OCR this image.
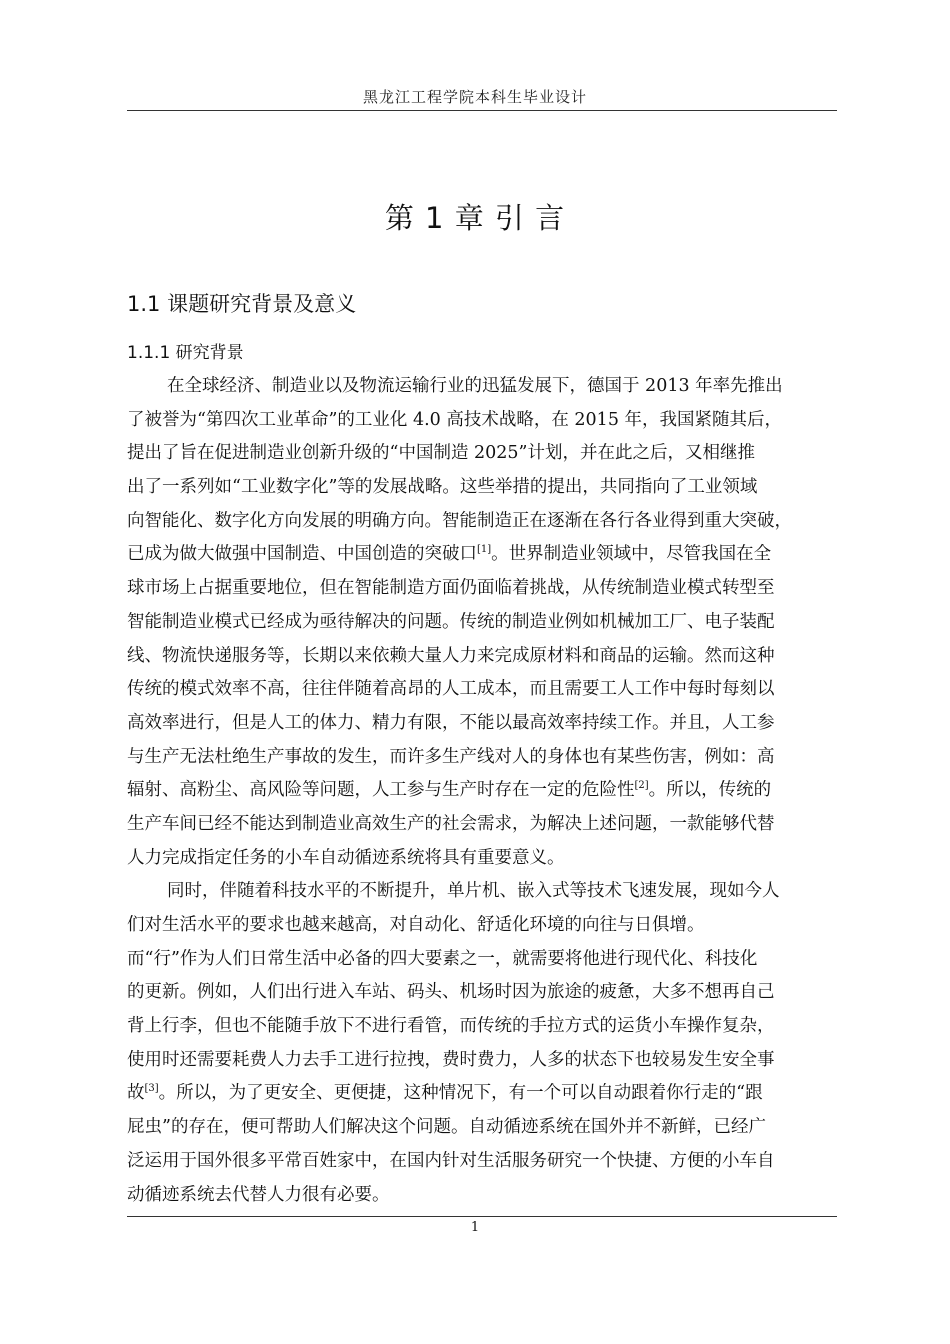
黑龙江工程学院本科生毕业设计
第 1 章 引 言
1.1 课题研究背景及意义
1.1.1 研究背景
在全球经济、制造业以及物流运输行业的迅猛发展下，德国于 2013 年率先推出
了被誉为“第四次工业革命”的工业化 4.0 高技术战略，在 2015 年，我国紧随其后，
提出了旨在促进制造业创新升级的“中国制造 2025”计划，并在此之后，又相继推
出了一系列如“工业数字化”等的发展战略。这些举措的提出，共同指向了工业领域
向智能化、数字化方向发展的明确方向。智能制造正在逐渐在各行各业得到重大突破，
已成为做大做强中国制造、中国创造的突破口[1]。世界制造业领域中，尽管我国在全
球市场上占据重要地位，但在智能制造方面仍面临着挑战，从传统制造业模式转型至
智能制造业模式已经成为亟待解决的问题。传统的制造业例如机械加工厂、电子装配
线、物流快递服务等，长期以来依赖大量人力来完成原材料和商品的运输。然而这种
传统的模式效率不高，往往伴随着高昂的人工成本，而且需要工人工作中每时每刻以
高效率进行，但是人工的体力、精力有限，不能以最高效率持续工作。并且，人工参
与生产无法杜绝生产事故的发生，而许多生产线对人的身体也有某些伤害，例如：高
辐射、高粉尘、高风险等问题，人工参与生产时存在一定的危险性[2]。所以，传统的
生产车间已经不能达到制造业高效生产的社会需求，为解决上述问题，一款能够代替
人力完成指定任务的小车自动循迹系统将具有重要意义。
同时，伴随着科技水平的不断提升，单片机、嵌入式等技术飞速发展，现如今人
们对生活水平的要求也越来越高，对自动化、舒适化环境的向往与日俱增。
而“行”作为人们日常生活中必备的四大要素之一，就需要将他进行现代化、科技化
的更新。例如，人们出行进入车站、码头、机场时因为旅途的疲惫，大多不想再自己
背上行李，但也不能随手放下不进行看管，而传统的手拉方式的运货小车操作复杂，
使用时还需要耗费人力去手工进行拉拽，费时费力，人多的状态下也较易发生安全事
故[3]。所以，为了更安全、更便捷，这种情况下，有一个可以自动跟着你行走的“跟
屁虫”的存在，便可帮助人们解决这个问题。自动循迹系统在国外并不新鲜，已经广
泛运用于国外很多平常百姓家中，在国内针对生活服务研究一个快捷、方便的小车自
动循迹系统去代替人力很有必要。
1
